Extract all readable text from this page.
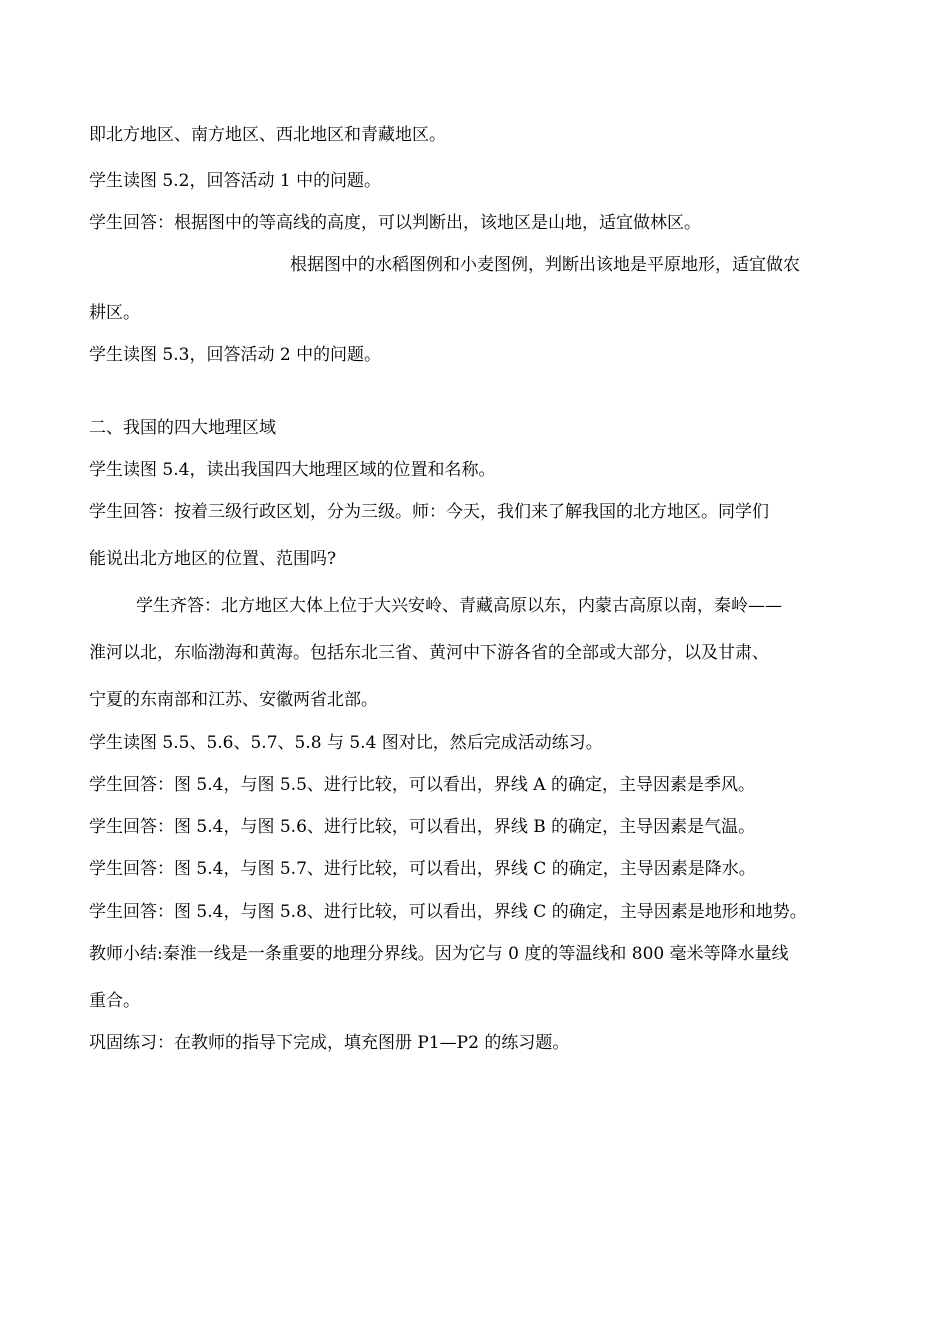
即北方地区、南方地区、西北地区和青藏地区。
学生读图 5.2，回答活动 1 中的问题。
学生回答：根据图中的等高线的高度，可以判断出，该地区是山地，适宜做林区。
根据图中的水稻图例和小麦图例，判断出该地是平原地形，适宜做农
耕区。
学生读图 5.3，回答活动 2 中的问题。
二、我国的四大地理区域
学生读图 5.4，读出我国四大地理区域的位置和名称。
学生回答：按着三级行政区划，分为三级。师：今天，我们来了解我国的北方地区。同学们
能说出北方地区的位置、范围吗?
学生齐答：北方地区大体上位于大兴安岭、青藏高原以东，内蒙古高原以南，秦岭——
淮河以北，东临渤海和黄海。包括东北三省、黄河中下游各省的全部或大部分，以及甘肃、
宁夏的东南部和江苏、安徽两省北部。
学生读图 5.5、5.6、5.7、5.8 与 5.4 图对比，然后完成活动练习。
学生回答：图 5.4，与图 5.5、进行比较，可以看出，界线 A 的确定，主导因素是季风。
学生回答：图 5.4，与图 5.6、进行比较，可以看出，界线 B 的确定，主导因素是气温。
学生回答：图 5.4，与图 5.7、进行比较，可以看出，界线 C 的确定，主导因素是降水。
学生回答：图 5.4，与图 5.8、进行比较，可以看出，界线 C 的确定，主导因素是地形和地势。
教师小结:秦淮一线是一条重要的地理分界线。因为它与 0 度的等温线和 800 毫米等降水量线
重合。
巩固练习：在教师的指导下完成，填充图册 P1—P2 的练习题。
